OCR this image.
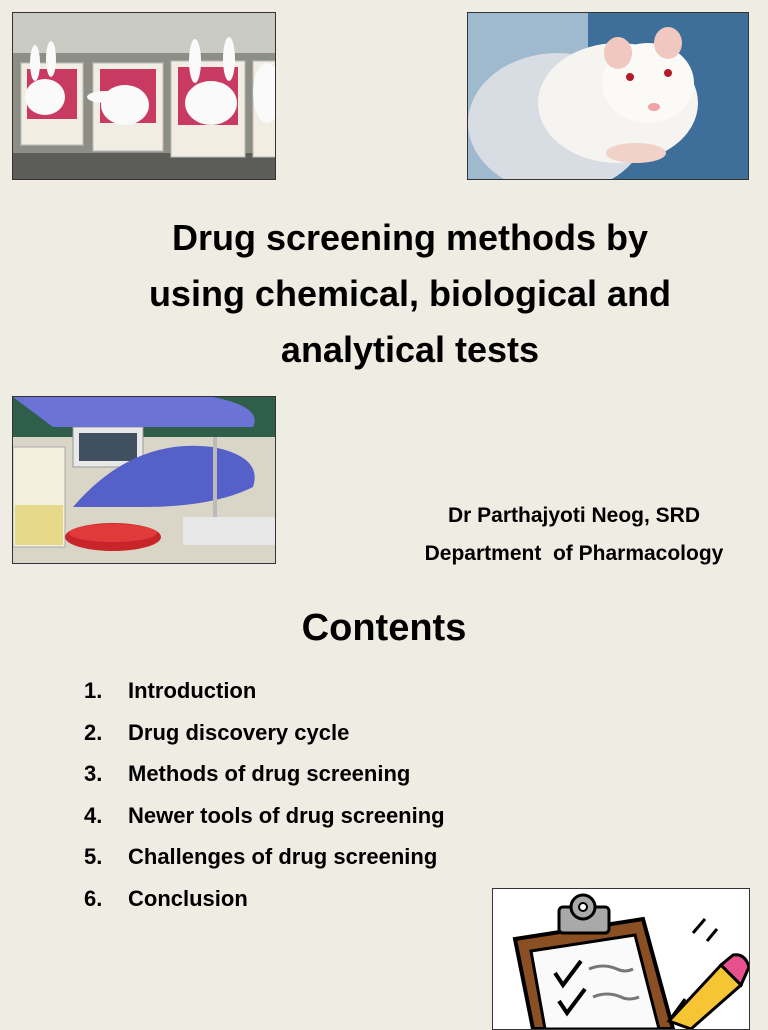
Drug screening methods by
using chemical, biological and
analytical tests
Dr Parthajyoti Neog, SRD
Department  of Pharmacology
Contents
1.	Introduction
2.	Drug discovery cycle
3.	Methods of drug screening
4.	Newer tools of drug screening
5.	Challenges of drug screening
6.	Conclusion
